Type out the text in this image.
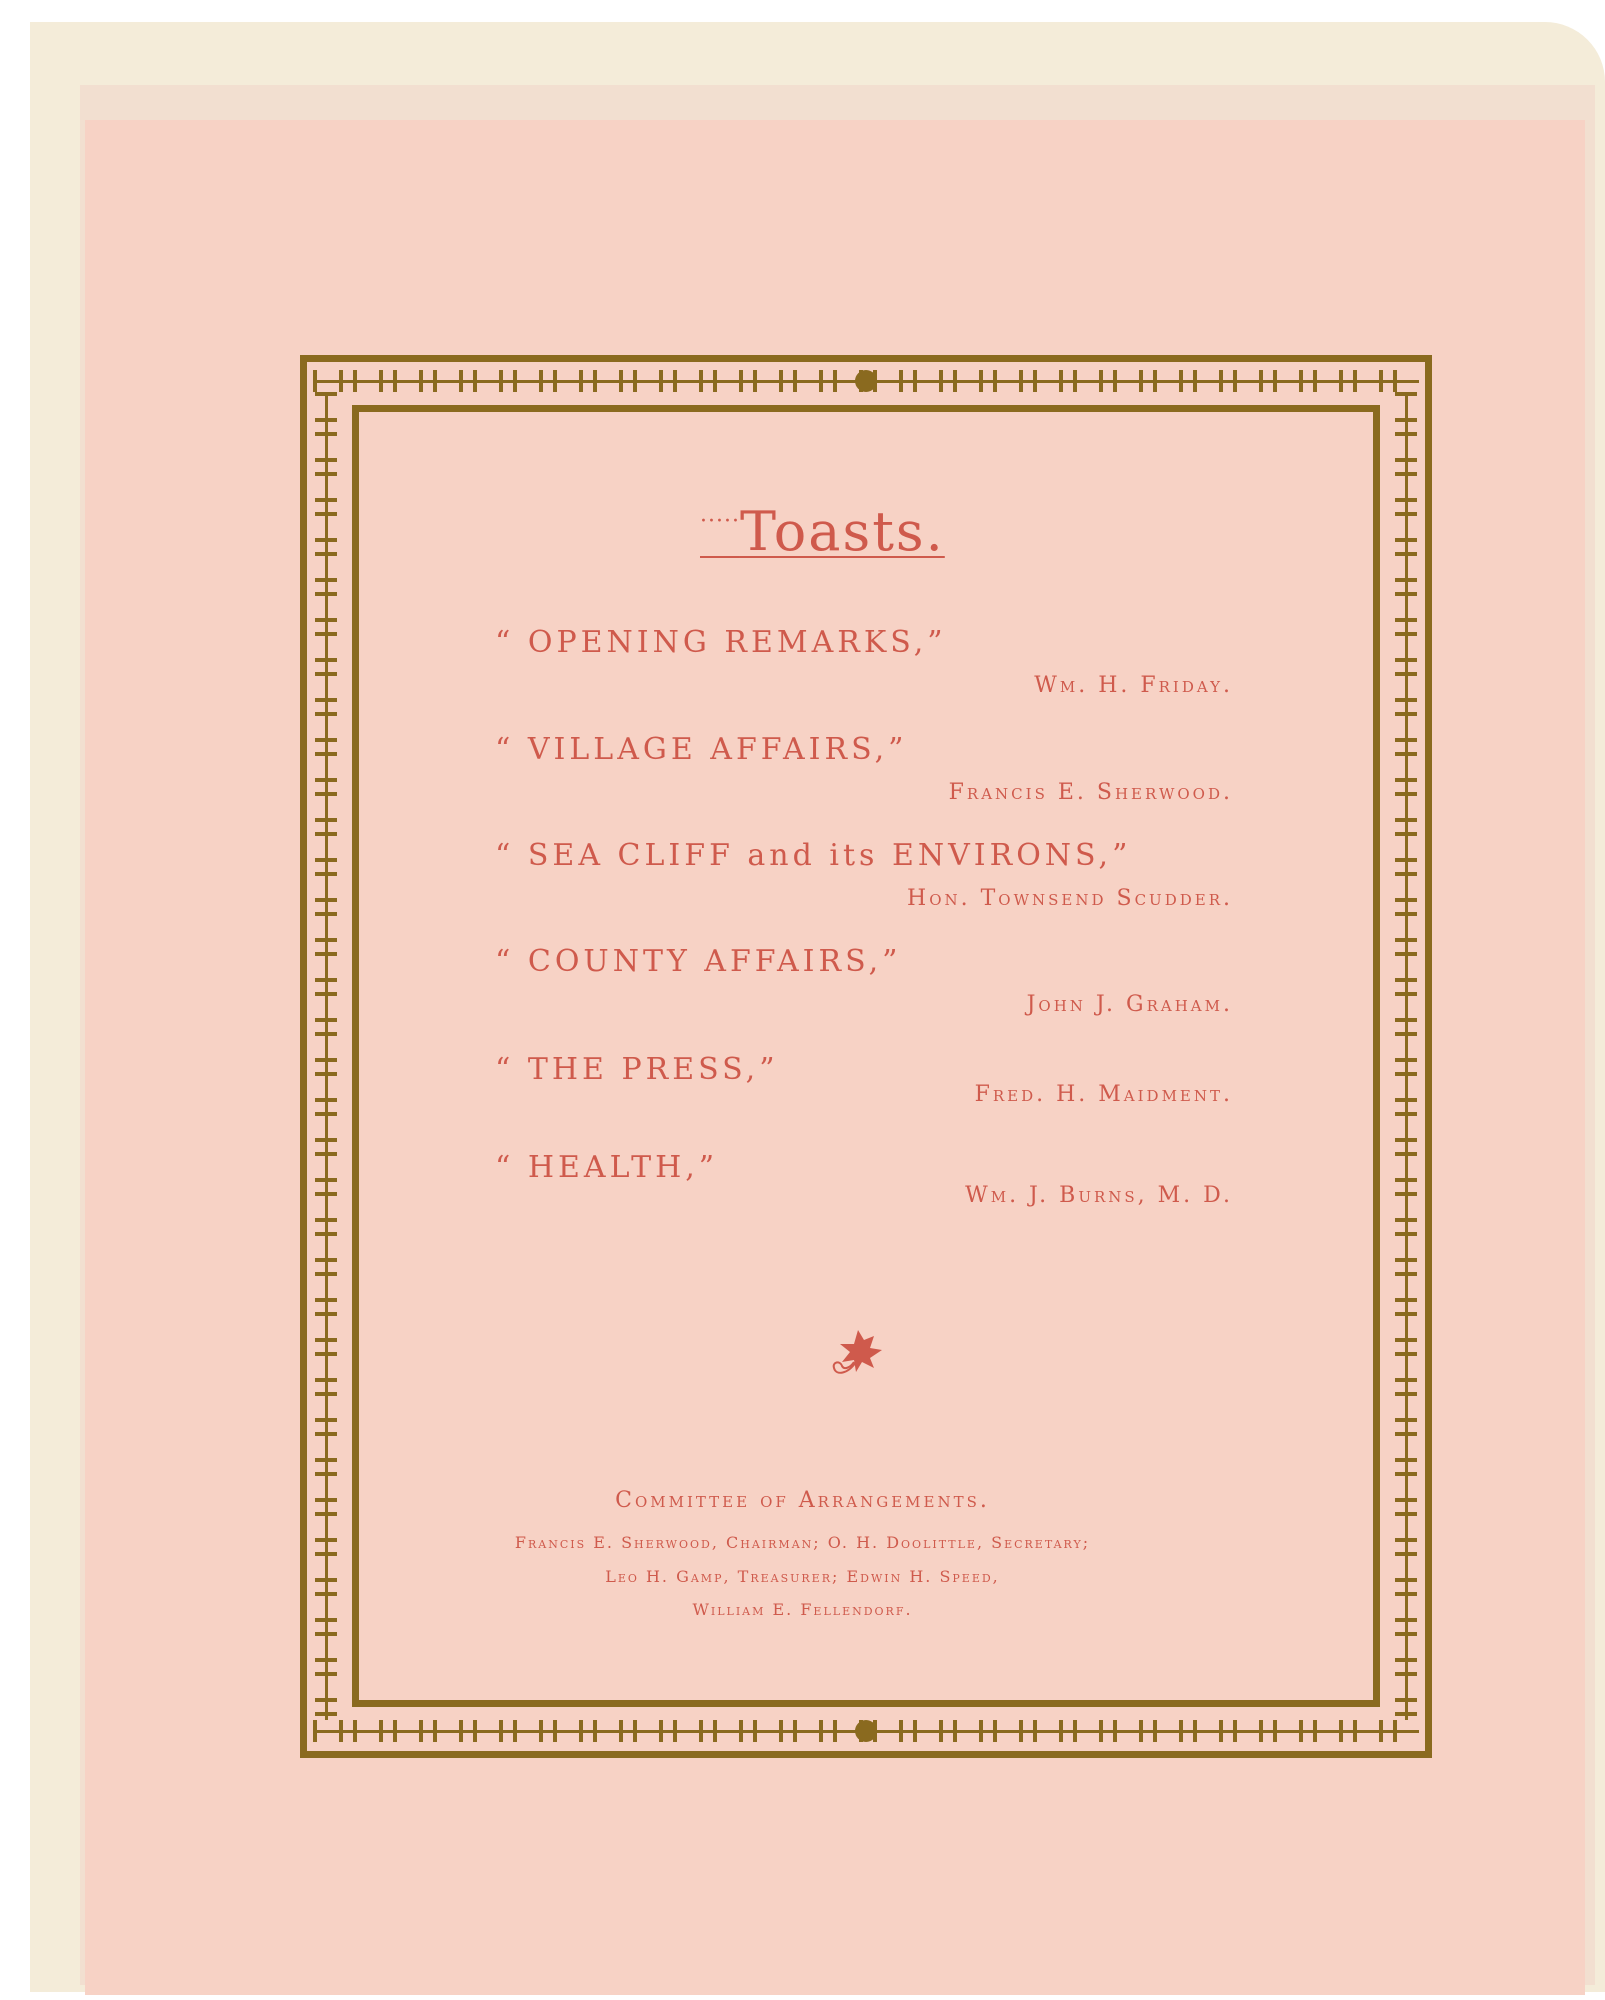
·····Toasts.
“ OPENING REMARKS,”
Wm. H. Friday.
“ VILLAGE AFFAIRS,”
Francis E. Sherwood.
“ SEA CLIFF and its ENVIRONS,”
Hon. Townsend Scudder.
“ COUNTY AFFAIRS,”
John J. Graham.
“ THE PRESS,”
Fred. H. Maidment.
“ HEALTH,”
Wm. J. Burns, M. D.
Committee of Arrangements.
Francis E. Sherwood, Chairman; O. H. Doolittle, Secretary;
Leo H. Gamp, Treasurer; Edwin H. Speed,
William E. Fellendorf.
